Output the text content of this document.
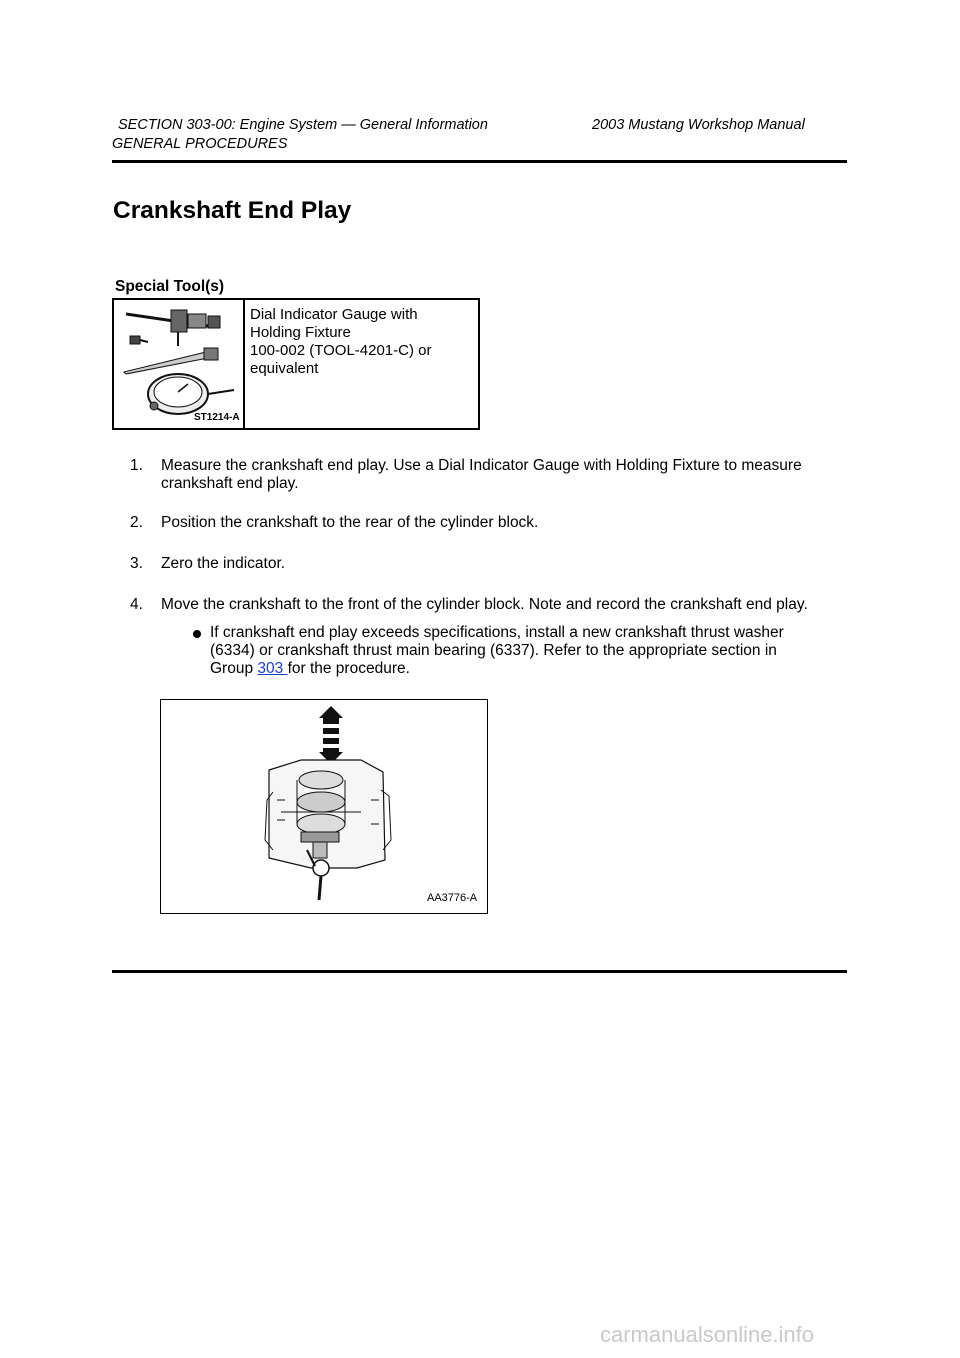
SECTION 303-00: Engine System — General Information	2003 Mustang Workshop Manual
GENERAL PROCEDURES
Crankshaft End Play
Special Tool(s)
ST1214-A
Dial Indicator Gauge with
Holding Fixture
100-002 (TOOL-4201-C) or
equivalent
1. Measure the crankshaft end play. Use a Dial Indicator Gauge with Holding Fixture to measure
crankshaft end play.
2. Position the crankshaft to the rear of the cylinder block.
3. Zero the indicator.
4. Move the crankshaft to the front of the cylinder block. Note and record the crankshaft end play.
If crankshaft end play exceeds specifications, install a new crankshaft thrust washer
(6334) or crankshaft thrust main bearing (6337). Refer to the appropriate section in
Group 303 for the procedure.
AA3776-A
carmanualsonline.info
